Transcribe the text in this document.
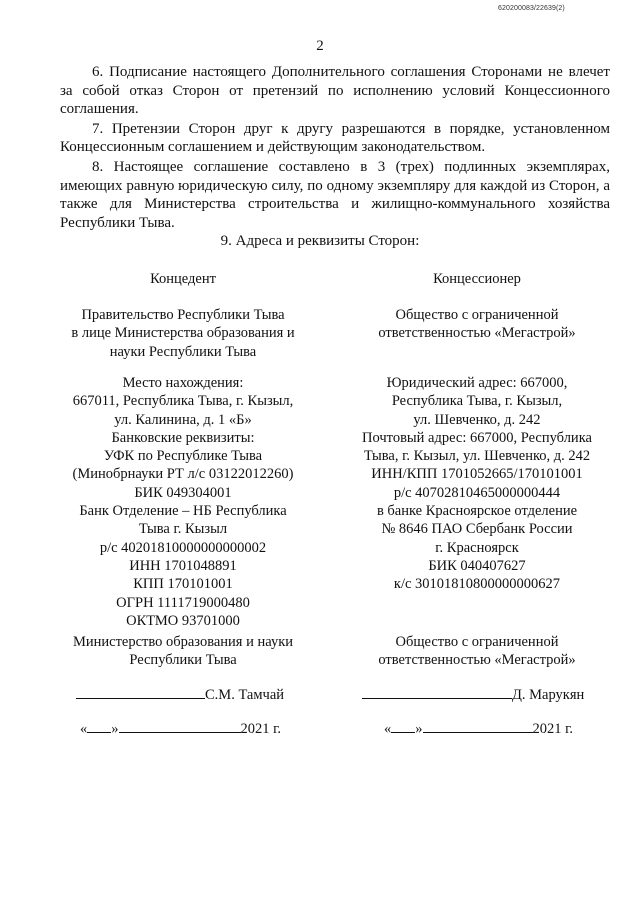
620200083/22639(2)
2

6. Подписание настоящего Дополнительного соглашения Сторонами не влечет за собой отказ Сторон от претензий по исполнению условий Концессионного соглашения.

7. Претензии Сторон друг к другу разрешаются в порядке, установленном Концессионным соглашением и действующим законодательством.

8. Настоящее соглашение составлено в 3 (трех) подлинных экземплярах, имеющих равную юридическую силу, по одному экземпляру для каждой из Сторон, а также для Министерства строительства и жилищно-коммунального хозяйства Республики Тыва.

9. Адреса и реквизиты Сторон:
Концедент
Правительство Республики Тыва
в лице Министерства образования и
науки Республики Тыва
Место нахождения:
667011, Республика Тыва, г. Кызыл,
ул. Калинина, д. 1 «Б»
Банковские реквизиты:
УФК по Республике Тыва
(Минобрнауки РТ л/с 03122012260)
БИК 049304001
Банк Отделение – НБ Республика
Тыва г. Кызыл
р/с 40201810000000000002
ИНН 1701048891
КПП 170101001
ОГРН 1111719000480
ОКТМО 93701000
Министерство образования и науки
Республики Тыва
С.М. Тамчай
« »	2021 г.
Концессионер
Общество с ограниченной
ответственностью «Мегастрой»
Юридический адрес: 667000,
Республика Тыва, г. Кызыл,
ул. Шевченко, д. 242
Почтовый адрес: 667000, Республика
Тыва, г. Кызыл, ул. Шевченко, д. 242
ИНН/КПП 1701052665/170101001
р/с 40702810465000000444
в банке Красноярское отделение
№ 8646 ПАО Сбербанк России
г. Красноярск
БИК 040407627
к/с 30101810800000000627
Общество с ограниченной
ответственностью «Мегастрой»
Д. Марукян
« »	2021 г.
